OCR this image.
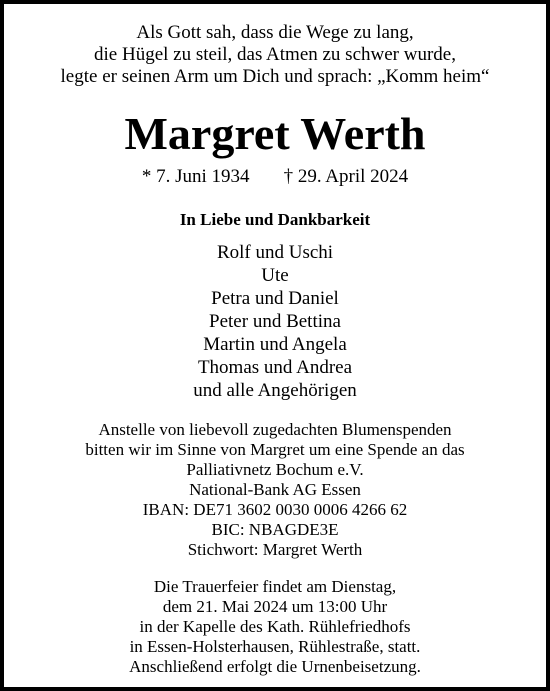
Als Gott sah, dass die Wege zu lang,
die Hügel zu steil, das Atmen zu schwer wurde,
legte er seinen Arm um Dich und sprach: „Komm heim“
Margret Werth
* 7. Juni 1934 † 29. April 2024
In Liebe und Dankbarkeit
Rolf und Uschi
Ute
Petra und Daniel
Peter und Bettina
Martin und Angela
Thomas und Andrea
und alle Angehörigen
Anstelle von liebevoll zugedachten Blumenspenden
bitten wir im Sinne von Margret um eine Spende an das
Palliativnetz Bochum e.V.
National-Bank AG Essen
IBAN: DE71 3602 0030 0006 4266 62
BIC: NBAGDE3E
Stichwort: Margret Werth
Die Trauerfeier findet am Dienstag,
dem 21. Mai 2024 um 13:00 Uhr
in der Kapelle des Kath. Rühlefriedhofs
in Essen-Holsterhausen, Rühlestraße, statt.
Anschließend erfolgt die Urnenbeisetzung.
